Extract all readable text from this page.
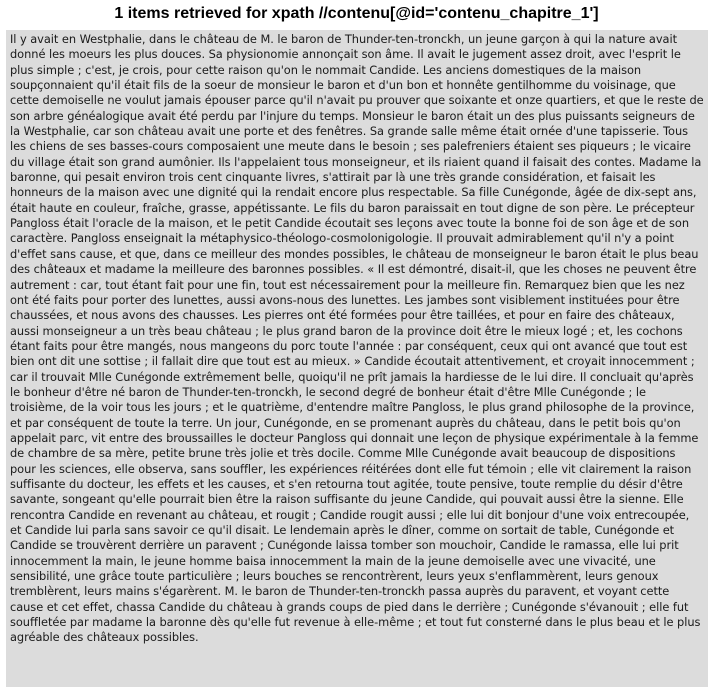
1 items retrieved for xpath //contenu[@id='contenu_chapitre_1']

Il y avait en Westphalie, dans le château de M. le baron de Thunder-ten-tronckh, un jeune garçon à qui la nature avait donné les moeurs les plus douces. Sa physionomie annonçait son âme. Il avait le jugement assez droit, avec l'esprit le plus simple ; c'est, je crois, pour cette raison qu'on le nommait Candide. Les anciens domestiques de la maison soupçonnaient qu'il était fils de la soeur de monsieur le baron et d'un bon et honnête gentilhomme du voisinage, que cette demoiselle ne voulut jamais épouser parce qu'il n'avait pu prouver que soixante et onze quartiers, et que le reste de son arbre généalogique avait été perdu par l'injure du temps. Monsieur le baron était un des plus puissants seigneurs de la Westphalie, car son château avait une porte et des fenêtres. Sa grande salle même était ornée d'une tapisserie. Tous les chiens de ses basses-cours composaient une meute dans le besoin ; ses palefreniers étaient ses piqueurs ; le vicaire du village était son grand aumônier. Ils l'appelaient tous monseigneur, et ils riaient quand il faisait des contes. Madame la baronne, qui pesait environ trois cent cinquante livres, s'attirait par là une très grande considération, et faisait les honneurs de la maison avec une dignité qui la rendait encore plus respectable. Sa fille Cunégonde, âgée de dix-sept ans, était haute en couleur, fraîche, grasse, appétissante. Le fils du baron paraissait en tout digne de son père. Le précepteur Pangloss était l'oracle de la maison, et le petit Candide écoutait ses leçons avec toute la bonne foi de son âge et de son caractère. Pangloss enseignait la métaphysico-théologo-cosmolonigologie. Il prouvait admirablement qu'il n'y a point d'effet sans cause, et que, dans ce meilleur des mondes possibles, le château de monseigneur le baron était le plus beau des châteaux et madame la meilleure des baronnes possibles. « Il est démontré, disait-il, que les choses ne peuvent être autrement : car, tout étant fait pour une fin, tout est nécessairement pour la meilleure fin. Remarquez bien que les nez ont été faits pour porter des lunettes, aussi avons-nous des lunettes. Les jambes sont visiblement instituées pour être chaussées, et nous avons des chausses. Les pierres ont été formées pour être taillées, et pour en faire des châteaux, aussi monseigneur a un très beau château ; le plus grand baron de la province doit être le mieux logé ; et, les cochons étant faits pour être mangés, nous mangeons du porc toute l'année : par conséquent, ceux qui ont avancé que tout est bien ont dit une sottise ; il fallait dire que tout est au mieux. » Candide écoutait attentivement, et croyait innocemment ; car il trouvait Mlle Cunégonde extrêmement belle, quoiqu'il ne prît jamais la hardiesse de le lui dire. Il concluait qu'après le bonheur d'être né baron de Thunder-ten-tronckh, le second degré de bonheur était d'être Mlle Cunégonde ; le troisième, de la voir tous les jours ; et le quatrième, d'entendre maître Pangloss, le plus grand philosophe de la province, et par conséquent de toute la terre. Un jour, Cunégonde, en se promenant auprès du château, dans le petit bois qu'on appelait parc, vit entre des broussailles le docteur Pangloss qui donnait une leçon de physique expérimentale à la femme de chambre de sa mère, petite brune très jolie et très docile. Comme Mlle Cunégonde avait beaucoup de dispositions pour les sciences, elle observa, sans souffler, les expériences réitérées dont elle fut témoin ; elle vit clairement la raison suffisante du docteur, les effets et les causes, et s'en retourna tout agitée, toute pensive, toute remplie du désir d'être savante, songeant qu'elle pourrait bien être la raison suffisante du jeune Candide, qui pouvait aussi être la sienne. Elle rencontra Candide en revenant au château, et rougit ; Candide rougit aussi ; elle lui dit bonjour d'une voix entrecoupée, et Candide lui parla sans savoir ce qu'il disait. Le lendemain après le dîner, comme on sortait de table, Cunégonde et Candide se trouvèrent derrière un paravent ; Cunégonde laissa tomber son mouchoir, Candide le ramassa, elle lui prit innocemment la main, le jeune homme baisa innocemment la main de la jeune demoiselle avec une vivacité, une sensibilité, une grâce toute particulière ; leurs bouches se rencontrèrent, leurs yeux s'enflammèrent, leurs genoux tremblèrent, leurs mains s'égarèrent. M. le baron de Thunder-ten-tronckh passa auprès du paravent, et voyant cette cause et cet effet, chassa Candide du château à grands coups de pied dans le derrière ; Cunégonde s'évanouit ; elle fut souffletée par madame la baronne dès qu'elle fut revenue à elle-même ; et tout fut consterné dans le plus beau et le plus agréable des châteaux possibles.
